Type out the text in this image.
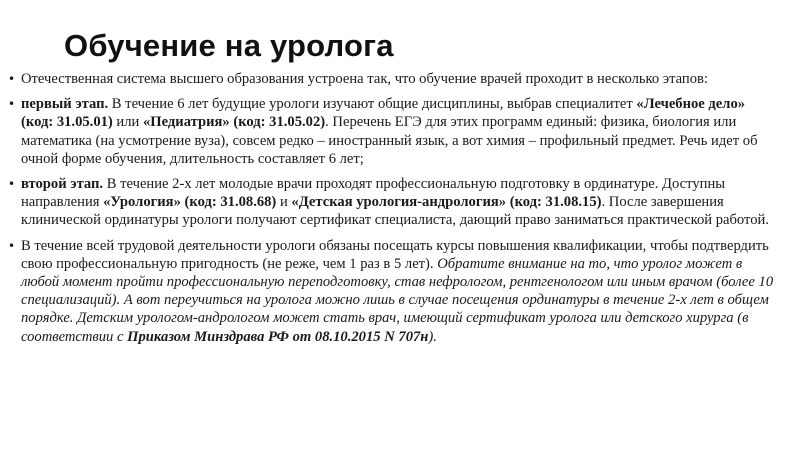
Обучение на уролога
• Отечественная система высшего образования устроена так, что обучение врачей проходит в несколько этапов:
• первый этап. В течение 6 лет будущие урологи изучают общие дисциплины, выбрав специалитет «Лечебное дело» (код: 31.05.01) или «Педиатрия» (код: 31.05.02). Перечень ЕГЭ для этих программ единый: физика, биология или математика (на усмотрение вуза), совсем редко – иностранный язык, а вот химия – профильный предмет. Речь идет об очной форме обучения, длительность составляет 6 лет;
• второй этап. В течение 2-х лет молодые врачи проходят профессиональную подготовку в ординатуре. Доступны направления «Урология» (код: 31.08.68) и «Детская урология-андрология» (код: 31.08.15). После завершения клинической ординатуры урологи получают сертификат специалиста, дающий право заниматься практической работой.
• В течение всей трудовой деятельности урологи обязаны посещать курсы повышения квалификации, чтобы подтвердить свою профессиональную пригодность (не реже, чем 1 раз в 5 лет). Обратите внимание на то, что уролог может в любой момент пройти профессиональную переподготовку, став нефрологом, рентгенологом или иным врачом (более 10 специализаций). А вот переучиться на уролога можно лишь в случае посещения ординатуры в течение 2-х лет в общем порядке. Детским урологом-андрологом может стать врач, имеющий сертификат уролога или детского хирурга (в соответствии с Приказом Минздрава РФ от 08.10.2015 N 707н).
